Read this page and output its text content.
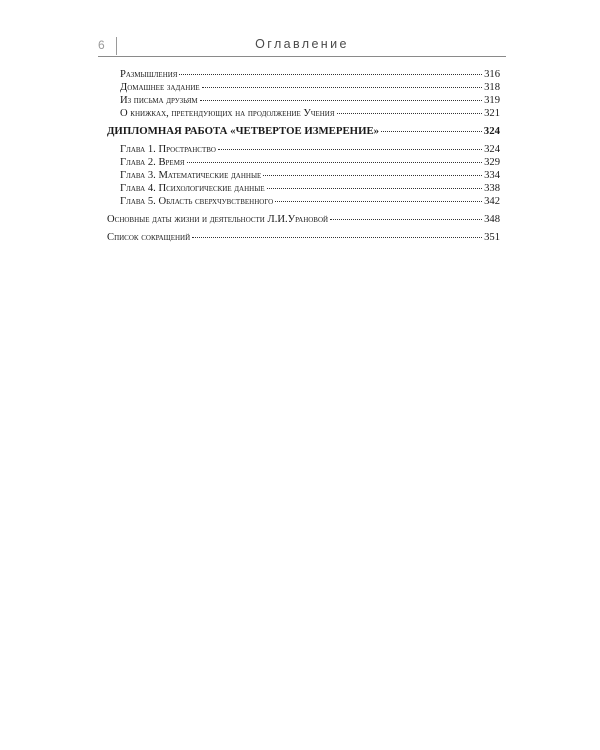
6	Оглавление
Размышления	316
Домашнее задание	318
Из письма друзьям	319
О книжках, претендующих на продолжение Учения	321
ДИПЛОМНАЯ РАБОТА «ЧЕТВЕРТОЕ ИЗМЕРЕНИЕ»	324
Глава 1. Пространство	324
Глава 2. Время	329
Глава 3. Математические данные	334
Глава 4. Психологические данные	338
Глава 5. Область сверхчувственного	342
Основные даты жизни и деятельности Л.И.Урановой	348
Список сокращений	351
